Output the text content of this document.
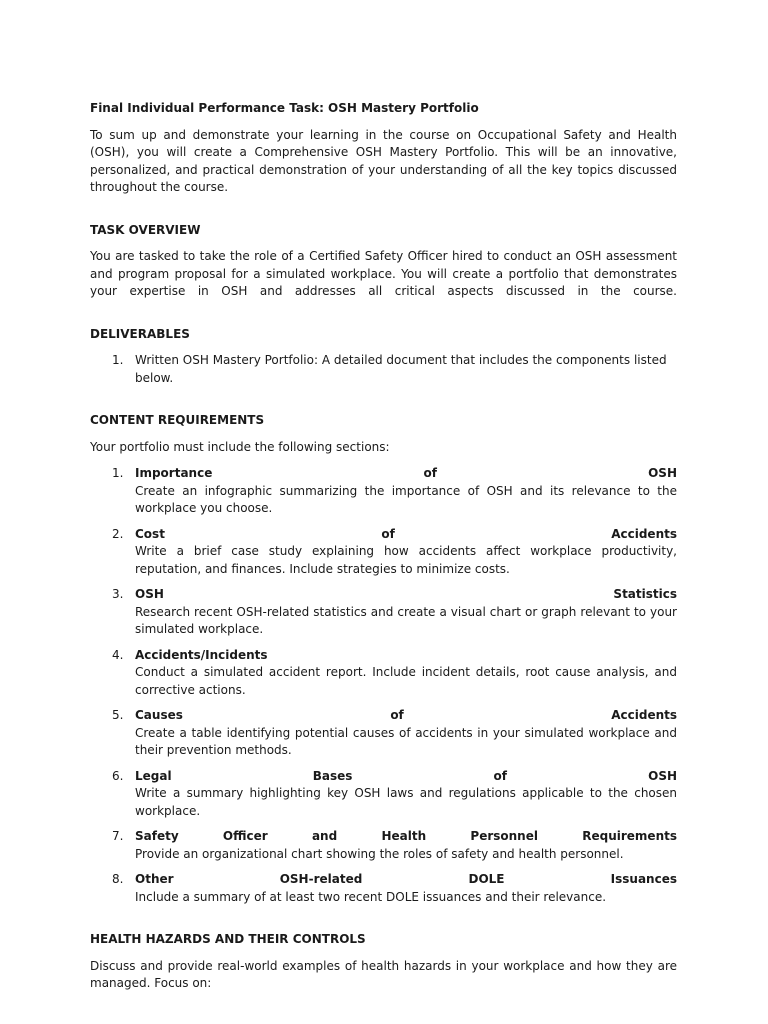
Final Individual Performance Task: OSH Mastery Portfolio

To sum up and demonstrate your learning in the course on Occupational Safety and Health (OSH), you will create a Comprehensive OSH Mastery Portfolio. This will be an innovative, personalized, and practical demonstration of your understanding of all the key topics discussed throughout the course.

TASK OVERVIEW

You are tasked to take the role of a Certified Safety Officer hired to conduct an OSH assessment and program proposal for a simulated workplace. You will create a portfolio that demonstrates your expertise in OSH and addresses all critical aspects discussed in the course.

DELIVERABLES
1. Written OSH Mastery Portfolio: A detailed document that includes the components listed below.
CONTENT REQUIREMENTS

Your portfolio must include the following sections:

1. Importance of OSH
Create an infographic summarizing the importance of OSH and its relevance to the workplace you choose.
2. Cost of Accidents
Write a brief case study explaining how accidents affect workplace productivity, reputation, and finances. Include strategies to minimize costs.
3. OSH Statistics
Research recent OSH-related statistics and create a visual chart or graph relevant to your simulated workplace.
4. Accidents/Incidents
Conduct a simulated accident report. Include incident details, root cause analysis, and corrective actions.
5. Causes of Accidents
Create a table identifying potential causes of accidents in your simulated workplace and their prevention methods.
6. Legal Bases of OSH
Write a summary highlighting key OSH laws and regulations applicable to the chosen workplace.
7. Safety Officer and Health Personnel Requirements
Provide an organizational chart showing the roles of safety and health personnel.
8. Other OSH-related DOLE Issuances
Include a summary of at least two recent DOLE issuances and their relevance.
HEALTH HAZARDS AND THEIR CONTROLS

Discuss and provide real-world examples of health hazards in your workplace and how they are managed. Focus on:
